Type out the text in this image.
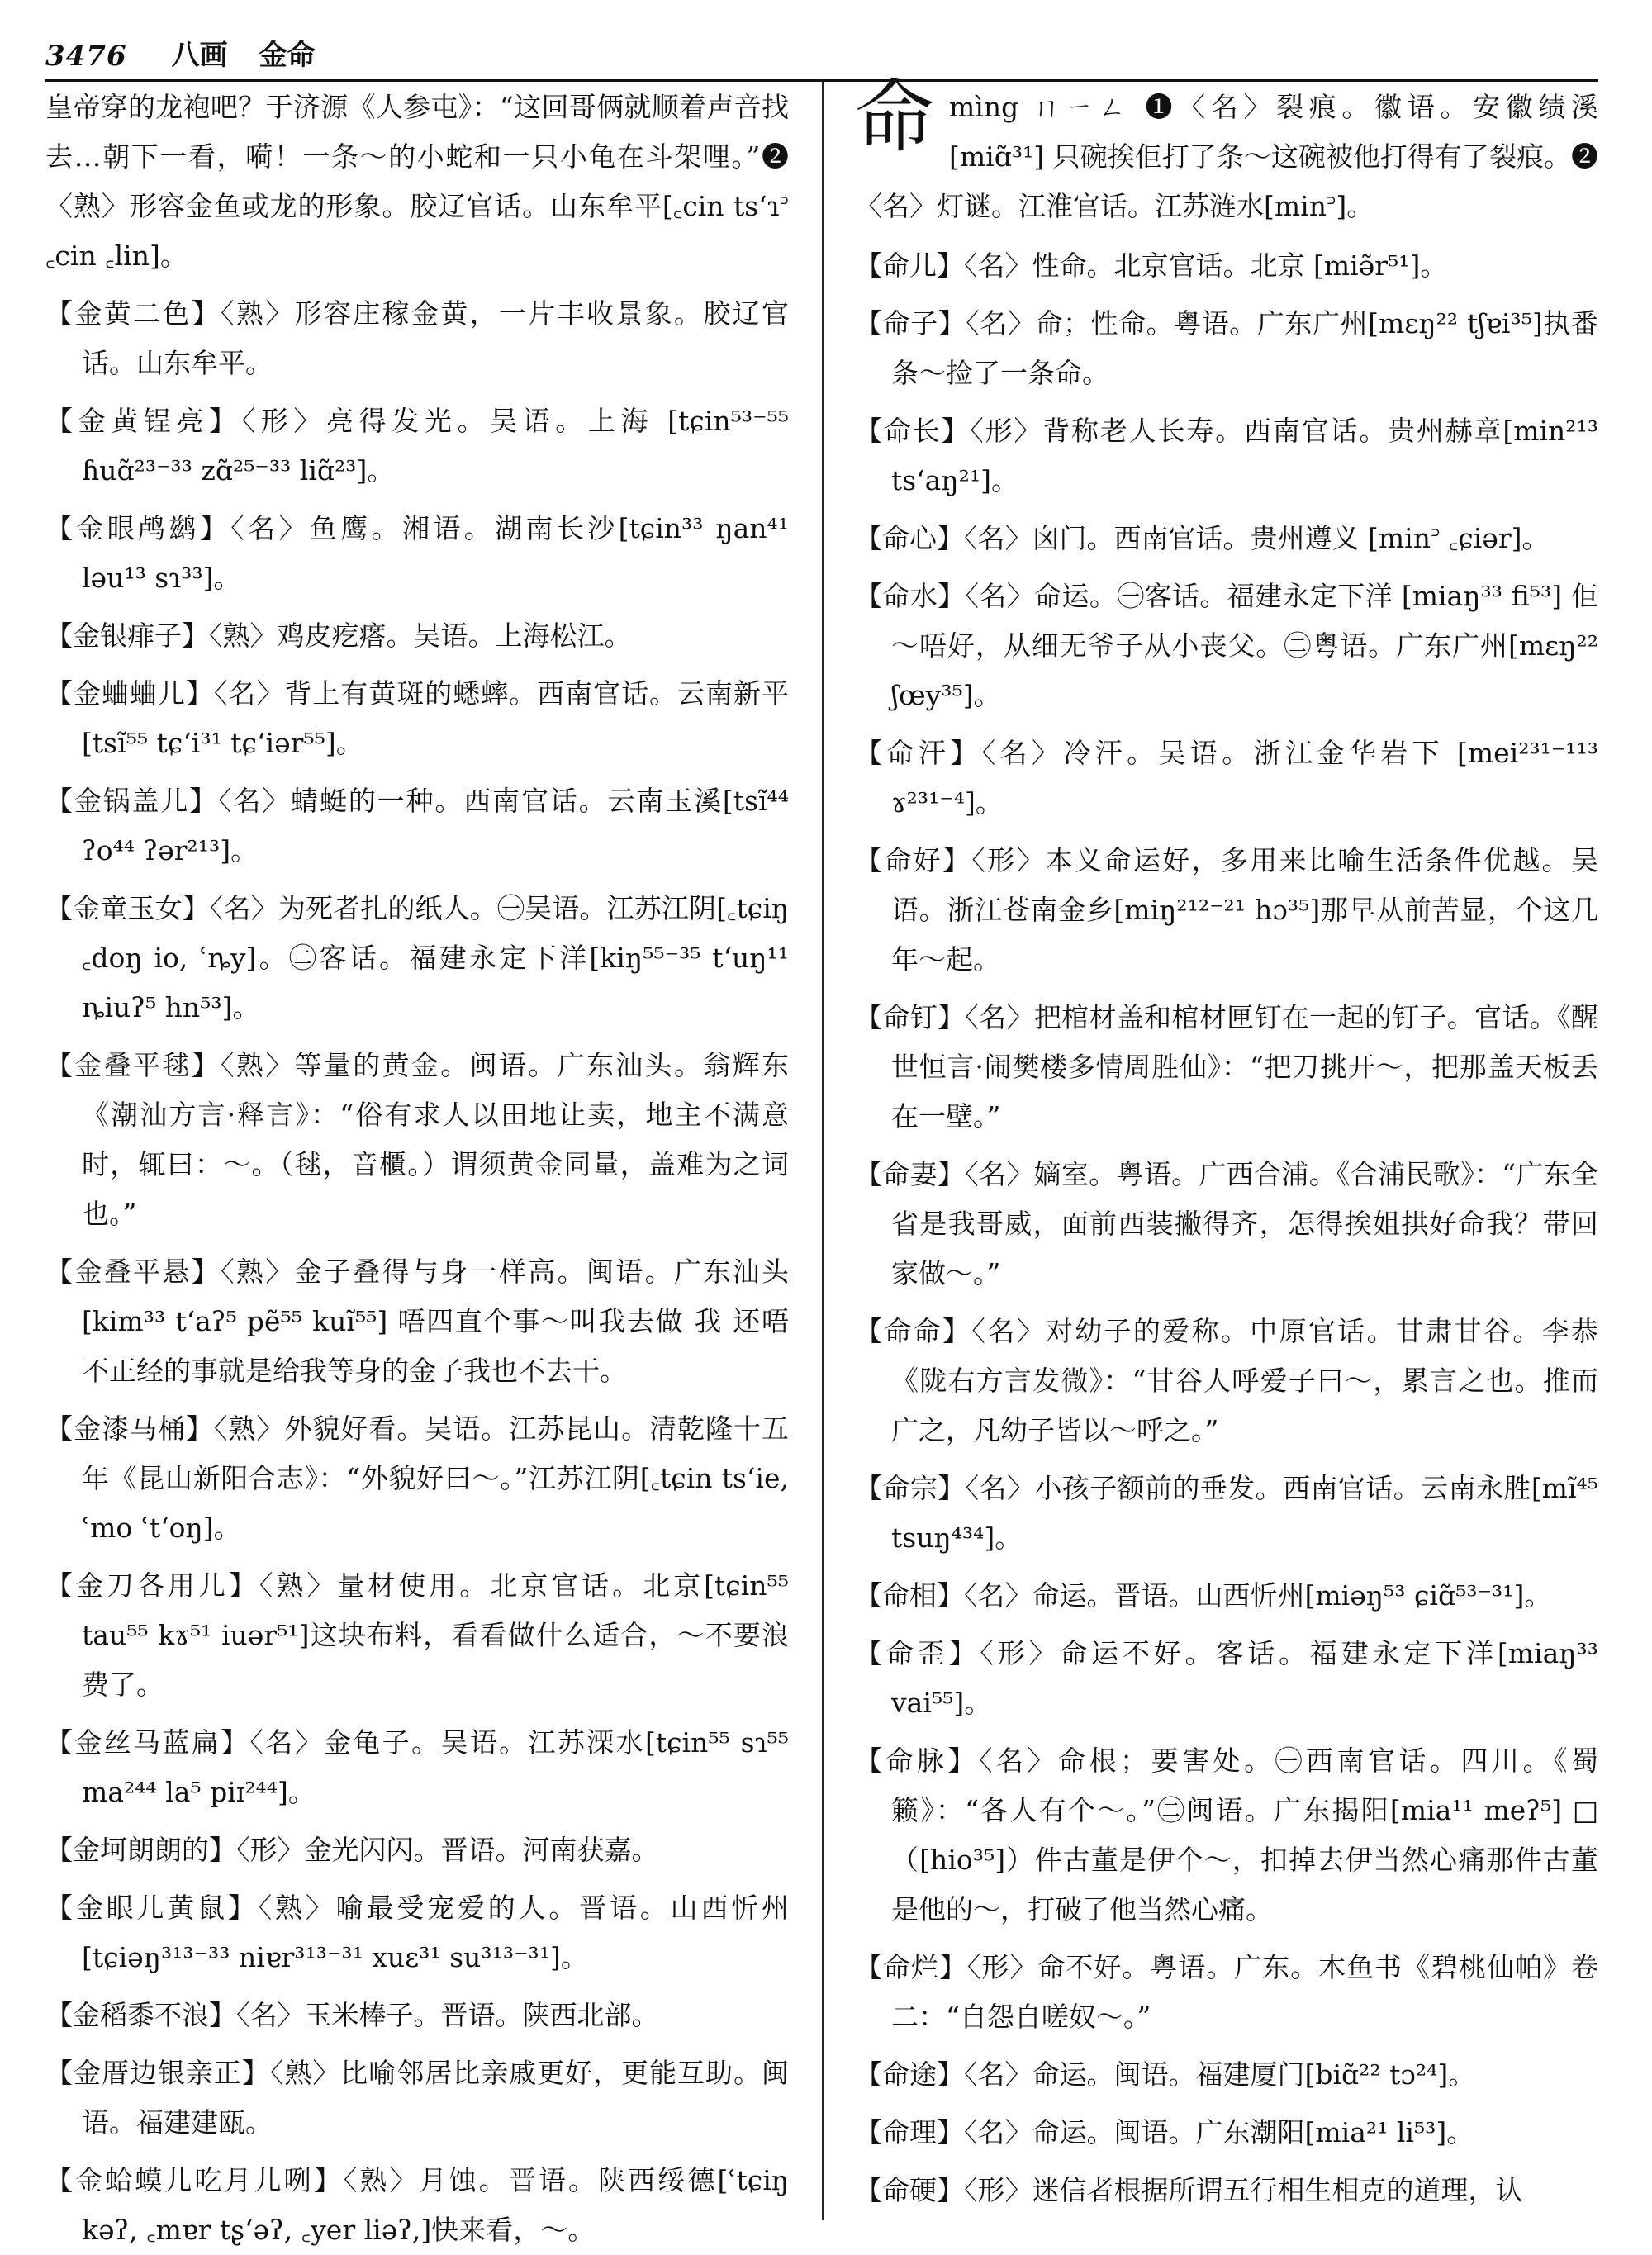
3476 八画 金命

皇帝穿的龙袍吧？于济源《人参屯》：“这回哥俩就顺着声音找去…朝下一看，嗬！一条～的小蛇和一只小龟在斗架哩。”❷〈熟〉形容金鱼或龙的形象。胶辽官话。山东牟平[꜀cin tsʻɿ꜄ ꜀cin ꜀lin]。

【金黄二色】〈熟〉形容庄稼金黄，一片丰收景象。胶辽官话。山东牟平。

【金黄锃亮】〈形〉亮得发光。吴语。上海 [tɕin⁵³⁻⁵⁵ ɦuɑ̃²³⁻³³ zɑ̃²⁵⁻³³ liɑ̃²³]。

【金眼鸬鹚】〈名〉鱼鹰。湘语。湖南长沙[tɕin³³ ŋan⁴¹ ləu¹³ sɿ³³]。

【金银痱子】〈熟〉鸡皮疙瘩。吴语。上海松江。

【金蛐蛐儿】〈名〉背上有黄斑的蟋蟀。西南官话。云南新平[tsĩ⁵⁵ tɕʻi³¹ tɕʻiər⁵⁵]。

【金锅盖儿】〈名〉蜻蜓的一种。西南官话。云南玉溪[tsĩ⁴⁴ ʔo⁴⁴ ʔər²¹³]。

【金童玉女】〈名〉为死者扎的纸人。㊀吴语。江苏江阴[꜀tɕiŋ ꜀doŋ io, ʿȵy]。㊁客话。福建永定下洋[kiŋ⁵⁵⁻³⁵ tʻuŋ¹¹ ȵiuʔ⁵ hn⁵³]。

【金叠平毬】〈熟〉等量的黄金。闽语。广东汕头。翁辉东《潮汕方言·释言》：“俗有求人以田地让卖，地主不满意时，辄曰：～。（毬，音櫃。）谓须黄金同量，盖难为之词也。”

【金叠平悬】〈熟〉金子叠得与身一样高。闽语。广东汕头 [kim³³ tʻaʔ⁵ pẽ⁵⁵ kuĩ⁵⁵] 唔四直个事～叫我去做 我 还唔不正经的事就是给我等身的金子我也不去干。

【金漆马桶】〈熟〉外貌好看。吴语。江苏昆山。清乾隆十五年《昆山新阳合志》：“外貌好曰～。”江苏江阴[꜀tɕin tsʻie, ʿmo ʿtʻoŋ]。

【金刀各用儿】〈熟〉量材使用。北京官话。北京[tɕin⁵⁵ tau⁵⁵ kɤ⁵¹ iuər⁵¹]这块布料，看看做什么适合，～不要浪费了。

【金丝马蓝扁】〈名〉金龟子。吴语。江苏溧水[tɕin⁵⁵ sɿ⁵⁵ ma²⁴⁴ la⁵ piɪ²⁴⁴]。

【金坷朗朗的】〈形〉金光闪闪。晋语。河南获嘉。

【金眼儿黄鼠】〈熟〉喻最受宠爱的人。晋语。山西忻州[tɕiəŋ³¹³⁻³³ niɐr³¹³⁻³¹ xuɛ³¹ su³¹³⁻³¹]。

【金稻黍不浪】〈名〉玉米棒子。晋语。陕西北部。

【金厝边银亲正】〈熟〉比喻邻居比亲戚更好，更能互助。闽语。福建建瓯。

【金蛤蟆儿吃月儿咧】〈熟〉月蚀。晋语。陕西绥德[ʿtɕiŋ kəʔ, ꜀mɐr tʂʻəʔ, ꜀yer liəʔ,]快来看，～。

命 mìng ㄇㄧㄥ ❶〈名〉裂痕。徽语。安徽绩溪 [miɑ̃³¹] 只碗挨佢打了条～这碗被他打得有了裂痕。❷〈名〉灯谜。江淮官话。江苏涟水[min꜄]。

【命儿】〈名〉性命。北京官话。北京 [miə̃r⁵¹]。

【命子】〈名〉命；性命。粤语。广东广州[mɛŋ²² tʃɐi³⁵]执番条～捡了一条命。

【命长】〈形〉背称老人长寿。西南官话。贵州赫章[min²¹³ tsʻaŋ²¹]。

【命心】〈名〉囟门。西南官话。贵州遵义 [min꜄ ꜀ɕiər]。

【命水】〈名〉命运。㊀客话。福建永定下洋 [miaŋ³³ fi⁵³] 佢～唔好，从细无爷子从小丧父。㊁粤语。广东广州[mɛŋ²² ʃœy³⁵]。

【命汗】〈名〉冷汗。吴语。浙江金华岩下 [mei²³¹⁻¹¹³ ɤ²³¹⁻⁴]。

【命好】〈形〉本义命运好，多用来比喻生活条件优越。吴语。浙江苍南金乡[miŋ²¹²⁻²¹ hɔ³⁵]那早从前苦显，个这几年～起。

【命钉】〈名〉把棺材盖和棺材匣钉在一起的钉子。官话。《醒世恒言·闹樊楼多情周胜仙》：“把刀挑开～，把那盖天板丢在一壁。”

【命妻】〈名〉嫡室。粤语。广西合浦。《合浦民歌》：“广东全省是我哥威，面前西装撇得齐，怎得挨姐拱好命我？带回家做～。”

【命命】〈名〉对幼子的爱称。中原官话。甘肃甘谷。李恭《陇右方言发微》：“甘谷人呼爱子曰～，累言之也。推而广之，凡幼子皆以～呼之。”

【命宗】〈名〉小孩子额前的垂发。西南官话。云南永胜[mĩ⁴⁵ tsuŋ⁴³⁴]。

【命相】〈名〉命运。晋语。山西忻州[miəŋ⁵³ ɕiɑ̃⁵³⁻³¹]。

【命歪】〈形〉命运不好。客话。福建永定下洋[miaŋ³³ vai⁵⁵]。

【命脉】〈名〉命根；要害处。㊀西南官话。四川。《蜀籁》：“各人有个～。”㊁闽语。广东揭阳[mia¹¹ meʔ⁵] □（[hio³⁵]）件古董是伊个～，扣掉去伊当然心痛那件古董是他的～，打破了他当然心痛。

【命烂】〈形〉命不好。粤语。广东。木鱼书《碧桃仙帕》卷二：“自怨自嗟奴～。”

【命途】〈名〉命运。闽语。福建厦门[biɑ̃²² tɔ²⁴]。

【命理】〈名〉命运。闽语。广东潮阳[mia²¹ li⁵³]。

【命硬】〈形〉迷信者根据所谓五行相生相克的道理，认
